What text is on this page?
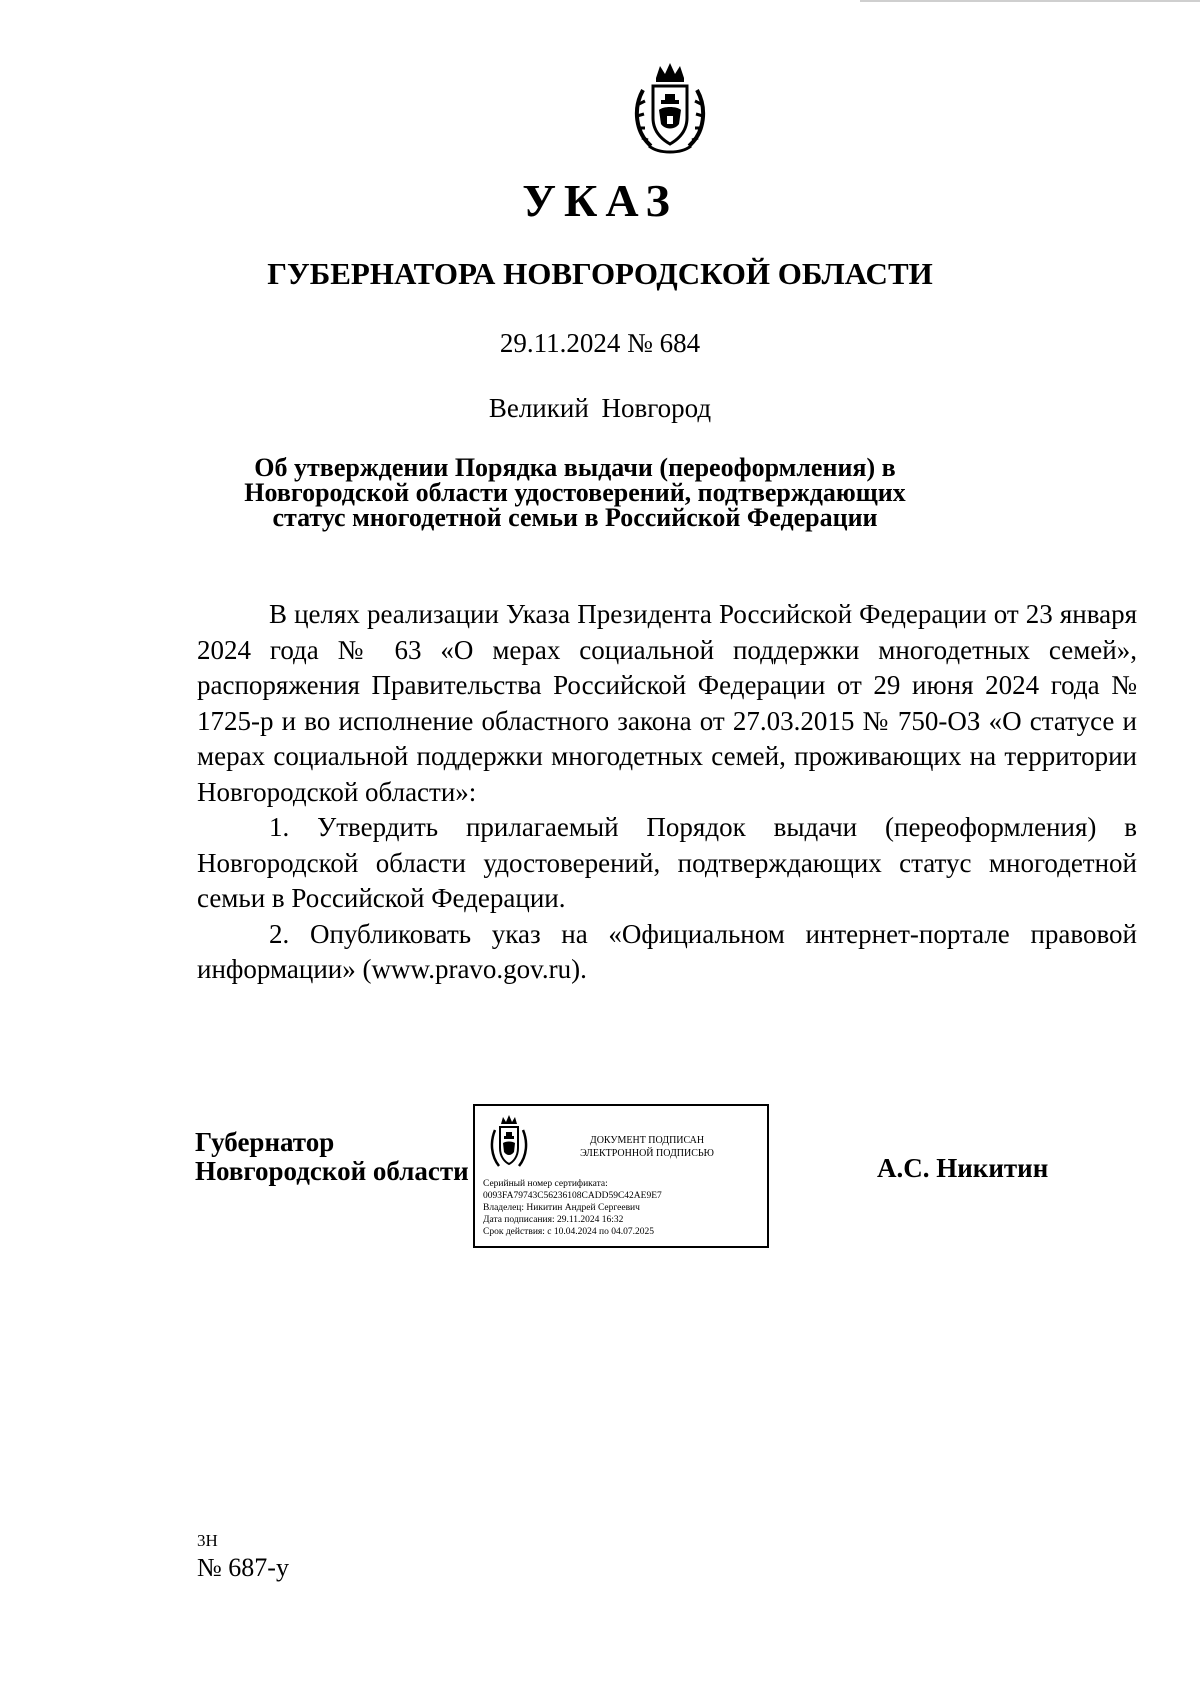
УКАЗ
ГУБЕРНАТОРА НОВГОРОДСКОЙ ОБЛАСТИ
29.11.2024 № 684
Великий Новгород
Об утверждении Порядка выдачи (переоформления) в Новгородской области удостоверений, подтверждающих статус многодетной семьи в Российской Федерации

В целях реализации Указа Президента Российской Федерации от 23 января 2024 года № 63 «О мерах социальной поддержки многодетных семей», распоряжения Правительства Российской Федерации от 29 июня 2024 года № 1725-р и во исполнение областного закона от 27.03.2015 № 750-ОЗ «О статусе и мерах социальной поддержки многодетных семей, проживающих на территории Новгородской области»:

1. Утвердить прилагаемый Порядок выдачи (переоформления) в Новгородской области удостоверений, подтверждающих статус многодетной семьи в Российской Федерации.

2. Опубликовать указ на «Официальном интернет-портале правовой информации» (www.pravo.gov.ru).

Губернатор
Новгородской области
ДОКУМЕНТ ПОДПИСАН
ЭЛЕКТРОННОЙ ПОДПИСЬЮ
Серийный номер сертификата:
0093FA79743C56236108CADD59C42AE9E7
Владелец: Никитин Андрей Сергеевич
Дата подписания: 29.11.2024 16:32
Срок действия: с 10.04.2024 по 04.07.2025
А.С. Никитин
3Н
№ 687-у
